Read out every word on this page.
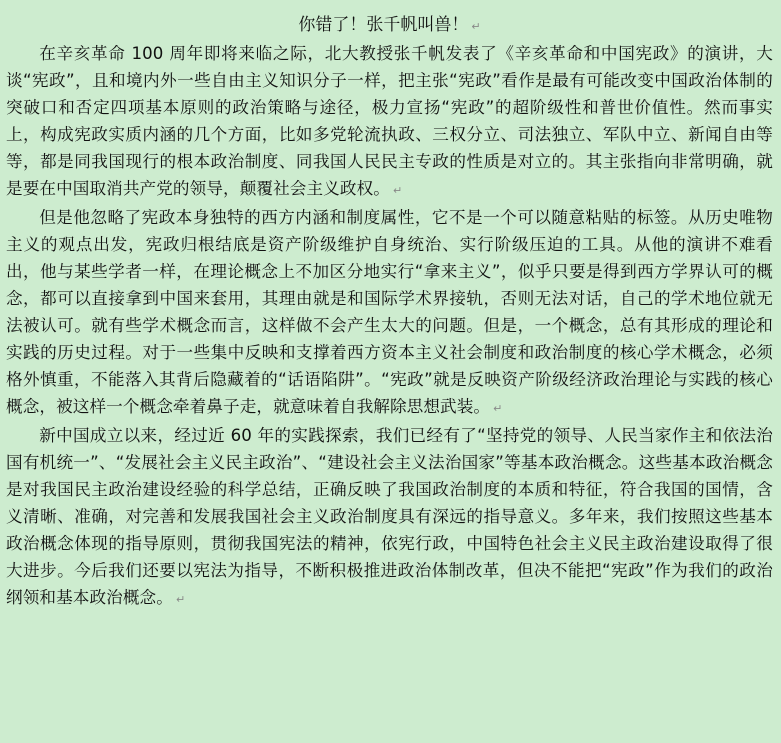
你错了！张千帆叫兽！ ↵

在辛亥革命 100 周年即将来临之际，北大教授张千帆发表了《辛亥革命和中国宪政》的演讲，大谈“宪政”，且和境内外一些自由主义知识分子一样，把主张“宪政”看作是最有可能改变中国政治体制的突破口和否定四项基本原则的政治策略与途径，极力宣扬“宪政”的超阶级性和普世价值性。然而事实上，构成宪政实质内涵的几个方面，比如多党轮流执政、三权分立、司法独立、军队中立、新闻自由等等，都是同我国现行的根本政治制度、同我国人民民主专政的性质是对立的。其主张指向非常明确，就是要在中国取消共产党的领导，颠覆社会主义政权。 ↵

但是他忽略了宪政本身独特的西方内涵和制度属性，它不是一个可以随意粘贴的标签。从历史唯物主义的观点出发，宪政归根结底是资产阶级维护自身统治、实行阶级压迫的工具。从他的演讲不难看出，他与某些学者一样，在理论概念上不加区分地实行“拿来主义”，似乎只要是得到西方学界认可的概念，都可以直接拿到中国来套用，其理由就是和国际学术界接轨，否则无法对话，自己的学术地位就无法被认可。就有些学术概念而言，这样做不会产生太大的问题。但是，一个概念，总有其形成的理论和实践的历史过程。对于一些集中反映和支撑着西方资本主义社会制度和政治制度的核心学术概念，必须格外慎重，不能落入其背后隐藏着的“话语陷阱”。“宪政”就是反映资产阶级经济政治理论与实践的核心概念，被这样一个概念牵着鼻子走，就意味着自我解除思想武装。 ↵

新中国成立以来，经过近 60 年的实践探索，我们已经有了“坚持党的领导、人民当家作主和依法治国有机统一”、“发展社会主义民主政治”、“建设社会主义法治国家”等基本政治概念。这些基本政治概念是对我国民主政治建设经验的科学总结，正确反映了我国政治制度的本质和特征，符合我国的国情，含义清晰、准确，对完善和发展我国社会主义政治制度具有深远的指导意义。多年来，我们按照这些基本政治概念体现的指导原则，贯彻我国宪法的精神，依宪行政，中国特色社会主义民主政治建设取得了很大进步。今后我们还要以宪法为指导，不断积极推进政治体制改革，但决不能把“宪政”作为我们的政治纲领和基本政治概念。 ↵
